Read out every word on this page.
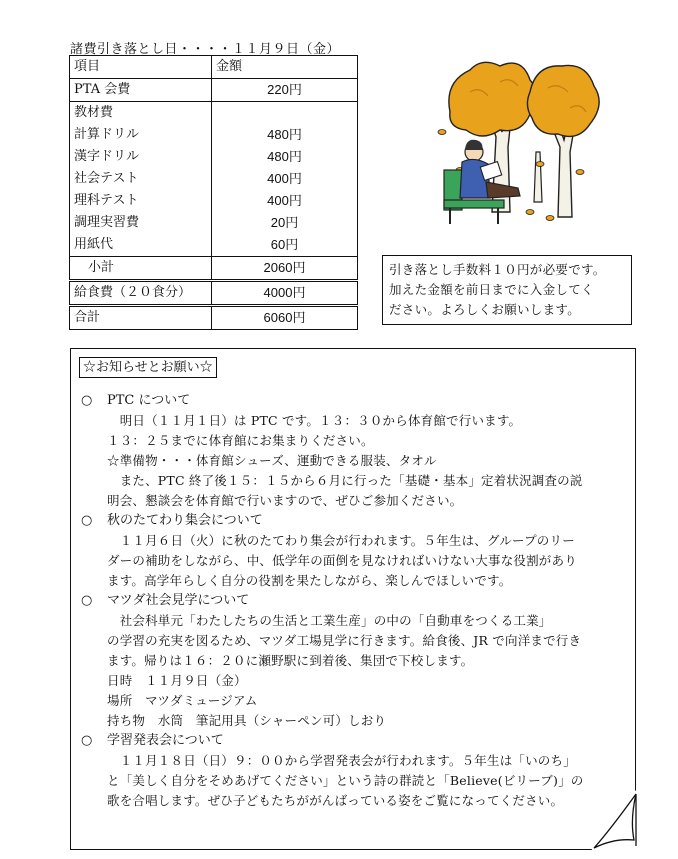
諸費引き落とし日・・・・１１月９日（金）
項目	金額
PTA 会費	220円
教材費	
計算ドリル	480円
漢字ドリル	480円
社会テスト	400円
理科テスト	400円
調理実習費	20円
用紙代	60円
小計	2060円
給食費（２０食分）	4000円
合計	6060円
引き落とし手数料１０円が必要です。
加えた金額を前日までに入金してく
ださい。よろしくお願いします。
☆お知らせとお願い☆
○ PTC について
　明日（１１月１日）は PTC です。１３：３０から体育館で行います。
１３：２５までに体育館にお集まりください。
☆準備物・・・体育館シューズ、運動できる服装、タオル
　また、PTC 終了後１５：１５から６月に行った「基礎・基本」定着状況調査の説
明会、懇談会を体育館で行いますので、ぜひご参加ください。
○ 秋のたてわり集会について
　１１月６日（火）に秋のたてわり集会が行われます。５年生は、グループのリー
ダーの補助をしながら、中、低学年の面倒を見なければいけない大事な役割があり
ます。高学年らしく自分の役割を果たしながら、楽しんでほしいです。
○ マツダ社会見学について
　社会科単元「わたしたちの生活と工業生産」の中の「自動車をつくる工業」
の学習の充実を図るため、マツダ工場見学に行きます。給食後、JR で向洋まで行き
ます。帰りは１６：２０に瀬野駅に到着後、集団で下校します。
日時　１１月９日（金）
場所　マツダミュージアム
持ち物　水筒　筆記用具（シャーペン可）しおり
○ 学習発表会について
　１１月１８日（日）９：００から学習発表会が行われます。５年生は「いのち」
と「美しく自分をそめあげてください」という詩の群読と「Believe(ビリーブ)」の
歌を合唱します。ぜひ子どもたちががんばっている姿をご覧になってください。
